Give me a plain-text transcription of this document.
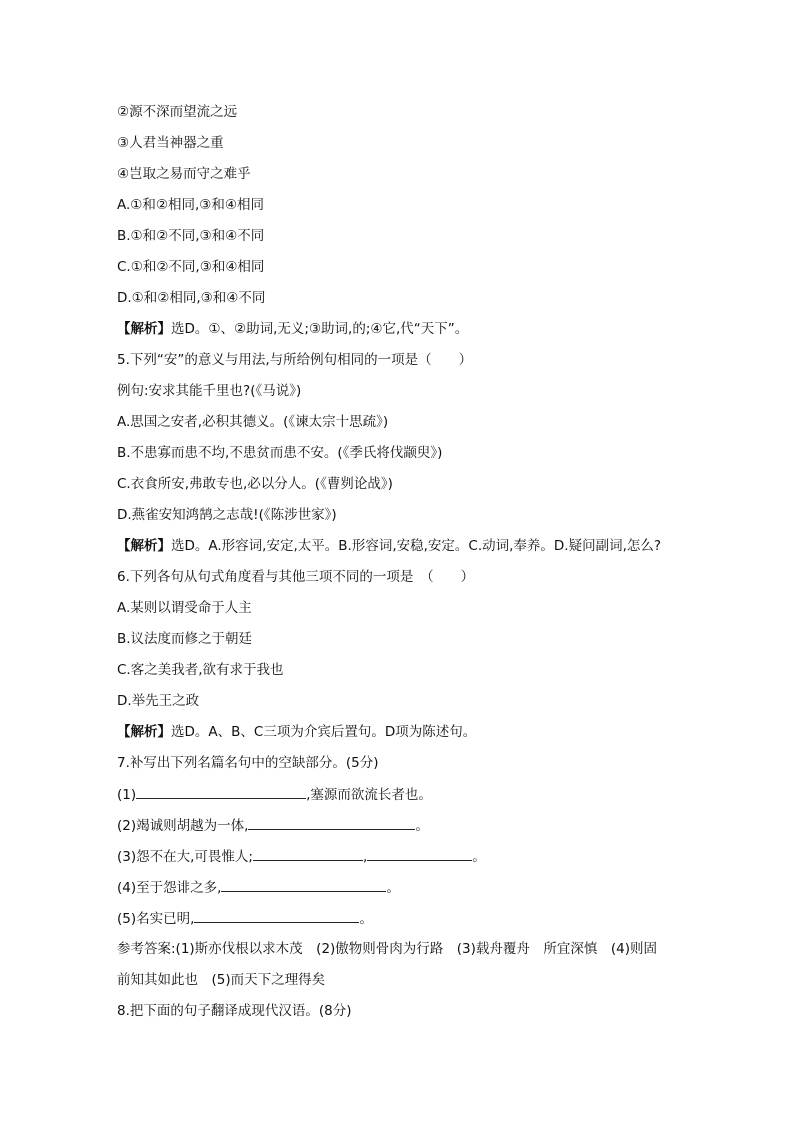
②源不深而望流之远
③人君当神器之重
④岂取之易而守之难乎
A.①和②相同,③和④相同
B.①和②不同,③和④不同
C.①和②不同,③和④相同
D.①和②相同,③和④不同
【解析】选D。①、②助词,无义;③助词,的;④它,代“天下”。
5.下列“安”的意义与用法,与所给例句相同的一项是（　　）
例句:安求其能千里也?(《马说》)
A.思国之安者,必积其德义。(《谏太宗十思疏》)
B.不患寡而患不均,不患贫而患不安。(《季氏将伐颛臾》)
C.衣食所安,弗敢专也,必以分人。(《曹刿论战》)
D.燕雀安知鸿鹄之志哉!(《陈涉世家》)
【解析】选D。A.形容词,安定,太平。B.形容词,安稳,安定。C.动词,奉养。D.疑问副词,怎么?
6.下列各句从句式角度看与其他三项不同的一项是　（　　）
A.某则以谓受命于人主
B.议法度而修之于朝廷
C.客之美我者,欲有求于我也
D.举先王之政
【解析】选D。A、B、C三项为介宾后置句。D项为陈述句。
7.补写出下列名篇名句中的空缺部分。(5分)
(1)	,塞源而欲流长者也。
(2)竭诚则胡越为一体,	。
(3)怨不在大,可畏惟人;	,	。
(4)至于怨诽之多,	。
(5)名实已明,	。
参考答案:(1)斯亦伐根以求木茂　(2)傲物则骨肉为行路　(3)载舟覆舟　所宜深慎　(4)则固
前知其如此也　(5)而天下之理得矣
8.把下面的句子翻译成现代汉语。(8分)
